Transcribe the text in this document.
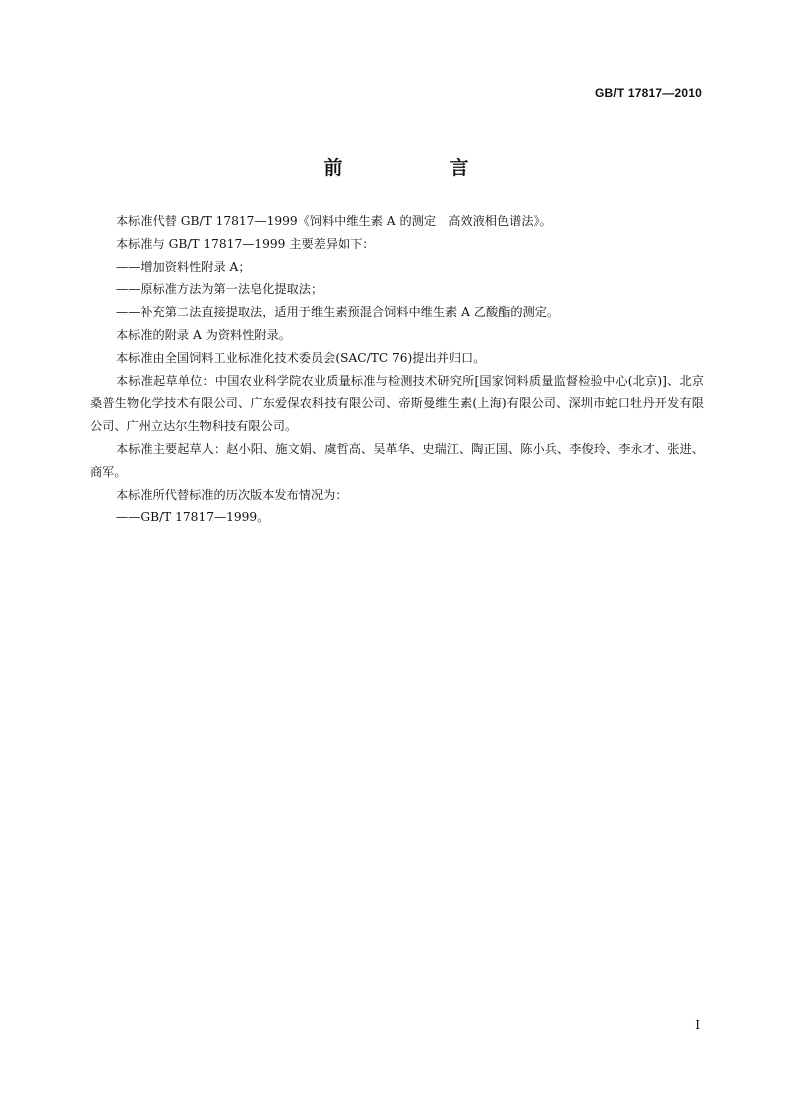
GB/T 17817—2010
前　言

本标准代替 GB/T 17817—1999《饲料中维生素 A 的测定　高效液相色谱法》。

本标准与 GB/T 17817—1999 主要差异如下：

——增加资料性附录 A；

——原标准方法为第一法皂化提取法；

——补充第二法直接提取法，适用于维生素预混合饲料中维生素 A 乙酸酯的测定。

本标准的附录 A 为资料性附录。

本标准由全国饲料工业标准化技术委员会(SAC/TC 76)提出并归口。

本标准起草单位：中国农业科学院农业质量标准与检测技术研究所[国家饲料质量监督检验中心(北京)]、北京桑普生物化学技术有限公司、广东爱保农科技有限公司、帝斯曼维生素(上海)有限公司、深圳市蛇口牡丹开发有限公司、广州立达尔生物科技有限公司。

本标准主要起草人：赵小阳、施文娟、虞哲高、吴革华、史瑞江、陶正国、陈小兵、李俊玲、李永才、张进、商军。

本标准所代替标准的历次版本发布情况为：

——GB/T 17817—1999。

I
